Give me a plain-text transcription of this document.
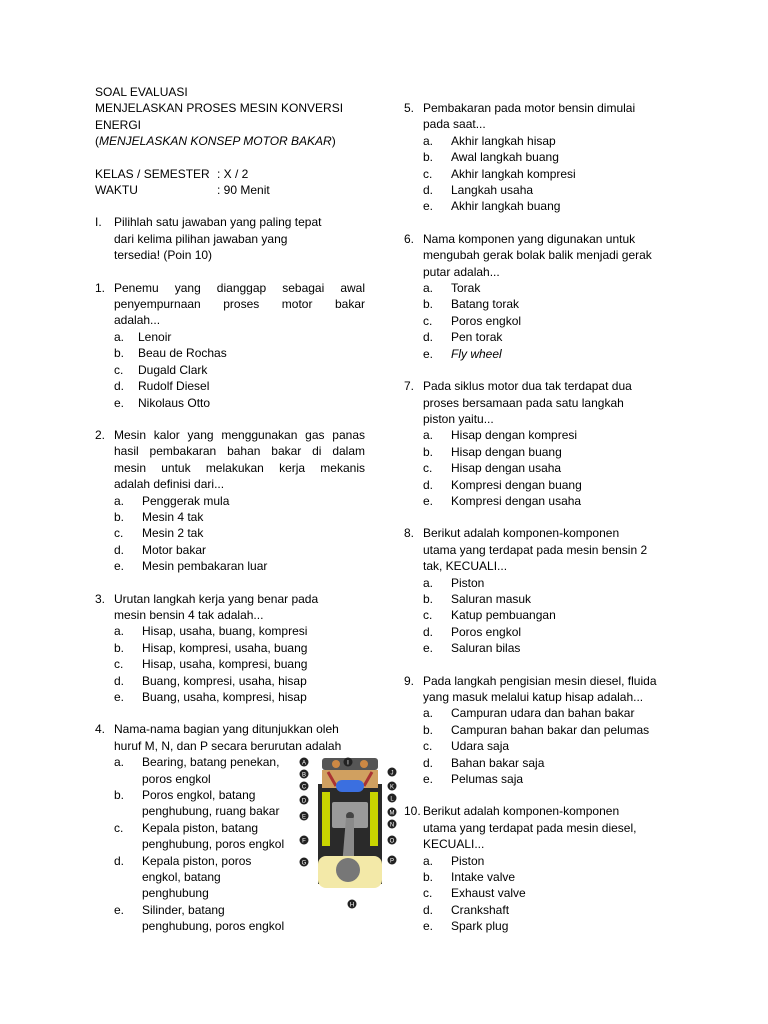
SOAL EVALUASI

MENJELASKAN PROSES MESIN KONVERSI

ENERGI

(MENJELASKAN KONSEP MOTOR BAKAR)

KELAS / SEMESTER : X / 2
WAKTU	: 90 Menit
I. Pilihlah satu jawaban yang paling tepat

dari kelima pilihan jawaban yang

tersedia! (Poin 10)

1. Penemu yang dianggap sebagai awal

penyempurnaan proses motor bakar

adalah...

a.	Lenoir
b.	Beau de Rochas
c.	Dugald Clark
d.	Rudolf Diesel
e.	Nikolaus Otto
2. Mesin kalor yang menggunakan gas panas

hasil pembakaran bahan bakar di dalam

mesin untuk melakukan kerja mekanis

adalah definisi dari...

a.	Penggerak mula
b.	Mesin 4 tak
c.	Mesin 2 tak
d.	Motor bakar
e.	Mesin pembakaran luar
3. Urutan langkah kerja yang benar pada

mesin bensin 4 tak adalah...

a.	Hisap, usaha, buang, kompresi
b.	Hisap, kompresi, usaha, buang
c.	Hisap, usaha, kompresi, buang
d.	Buang, kompresi, usaha, hisap
e.	Buang, usaha, kompresi, hisap
4. Nama-nama bagian yang ditunjukkan oleh

huruf M, N, dan P secara berurutan adalah

a.	Bearing, batang penekan,

poros engkol

b.	Poros engkol, batang

penghubung, ruang bakar

c.	Kepala piston, batang

penghubung, poros engkol

d.	Kepala piston, poros

engkol, batang

penghubung

e.	Silinder, batang

penghubung, poros engkol

A
B
C
D
E
F
G
I
H
J
K
L
M
N
O
P
5. Pembakaran pada motor bensin dimulai

pada saat...

a.	Akhir langkah hisap
b.	Awal langkah buang
c.	Akhir langkah kompresi
d.	Langkah usaha
e.	Akhir langkah buang
6. Nama komponen yang digunakan untuk

mengubah gerak bolak balik menjadi gerak

putar adalah...

a.	Torak
b.	Batang torak
c.	Poros engkol
d.	Pen torak
e.	Fly wheel
7. Pada siklus motor dua tak terdapat dua

proses bersamaan pada satu langkah

piston yaitu...

a.	Hisap dengan kompresi
b.	Hisap dengan buang
c.	Hisap dengan usaha
d.	Kompresi dengan buang
e.	Kompresi dengan usaha
8. Berikut adalah komponen-komponen

utama yang terdapat pada mesin bensin 2

tak, KECUALI...

a.	Piston
b.	Saluran masuk
c.	Katup pembuangan
d.	Poros engkol
e.	Saluran bilas
9. Pada langkah pengisian mesin diesel, fluida

yang masuk melalui katup hisap adalah...

a.	Campuran udara dan bahan bakar
b.	Campuran bahan bakar dan pelumas
c.	Udara saja
d.	Bahan bakar saja
e.	Pelumas saja
10. Berikut adalah komponen-komponen

utama yang terdapat pada mesin diesel,

KECUALI...

a.	Piston
b.	Intake valve
c.	Exhaust valve
d.	Crankshaft
e.	Spark plug
